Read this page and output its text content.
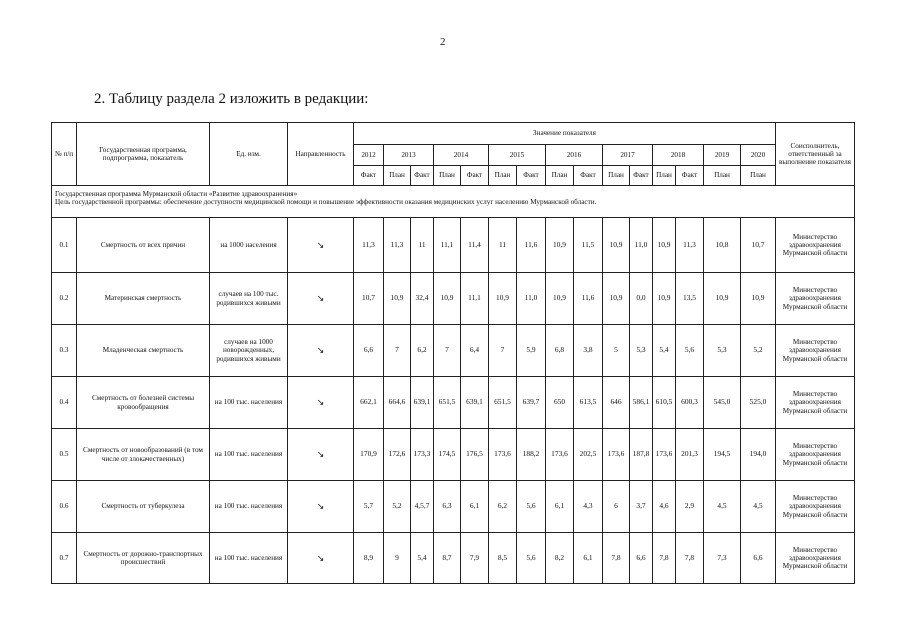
2
2. Таблицу раздела 2 изложить в редакции:
№ п/п	Государственная программа, подпрограмма, показатель	Ед. изм.	Направленность	Значение показателя															Соисполнитель, ответственный за выполнение показателя
				2012	2013		2014		2015		2016		2017		2018		2019	2020	
				Факт	План	Факт	План	Факт	План	Факт	План	Факт	План	Факт	План	Факт	План	План	

Государственная программа Мурманской области «Развитие здравоохранения»
Цель государственной программы: обеспечение доступности медицинской помощи и повышение эффективности оказания медицинских услуг населению Мурманской области.																			

0.1	Смертность от всех причин	на 1000 населения	↘	11,3	11,3	11	11,1	11,4	11	11,6	10,9	11,5	10,9	11,0	10,9	11,3	10,8	10,7	Министерство здравоохранения Мурманской области
0.2	Материнская смертность	случаев на 100 тыс. родившихся живыми	↘	10,7	10,9	32,4	10,9	11,1	10,9	11,0	10,9	11,6	10,9	0,0	10,9	13,5	10,9	10,9	Министерство здравоохранения Мурманской области
0.3	Младенческая смертность	случаев на 1000 новорожденных, родившихся живыми	↘	6,6	7	6,2	7	6,4	7	5,9	6,8	3,8	5	5,3	5,4	5,6	5,3	5,2	Министерство здравоохранения Мурманской области
0.4	Смертность от болезней системы кровообращения	на 100 тыс. населения	↘	662,1	664,6	639,1	651,5	639,1	651,5	639,7	650	613,5	646	586,1	610,5	600,3	545,0	525,0	Министерство здравоохранения Мурманской области
0.5	Смертность от новообразований (в том числе от злокачественных)	на 100 тыс. населения	↘	170,9	172,6	173,3	174,5	176,5	173,6	188,2	173,6	202,5	173,6	187,8	173,6	201,3	194,5	194,0	Министерство здравоохранения Мурманской области
0.6	Смертность от туберкулеза	на 100 тыс. населения	↘	5,7	5,2	4,5,7	6,3	6,1	6,2	5,6	6,1	4,3	6	3,7	4,6	2,9	4,5	4,5	Министерство здравоохранения Мурманской области
0.7	Смертность от дорожно-транспортных происшествий	на 100 тыс. населения	↘	8,9	9	5,4	8,7	7,9	8,5	5,6	8,2	6,1	7,8	6,6	7,8	7,8	7,3	6,6	Министерство здравоохранения Мурманской области
